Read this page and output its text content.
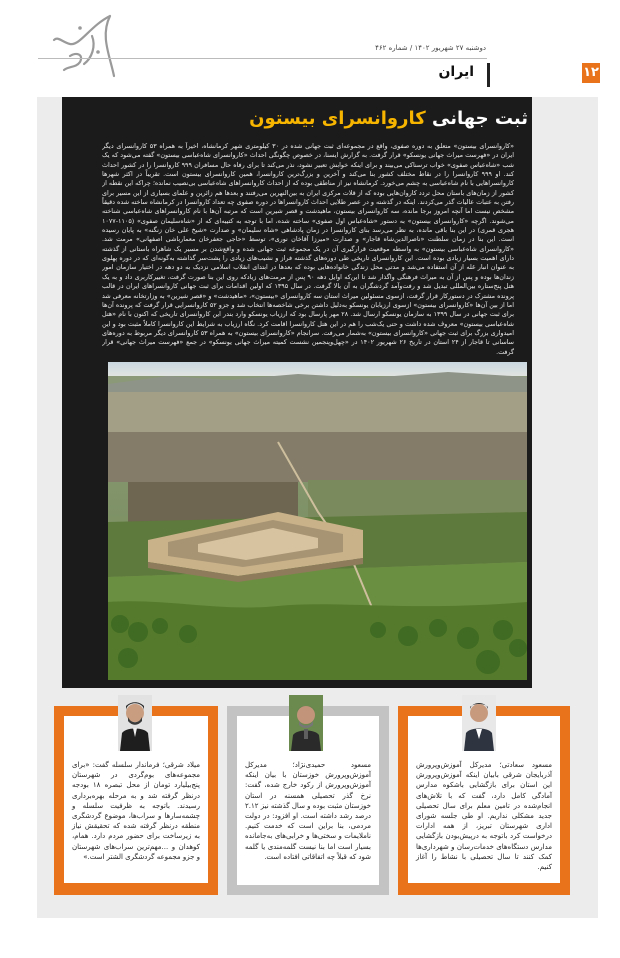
دوشنبه ۲۷ شهریور ۱۴۰۲ / شماره ۴۶۲
۱۲
ایران
ثبت جهانی کاروانسرای بیستون
«کاروانسرای بیستون» متعلق به دوره صفوی، واقع در مجموعه‌ای ثبت جهانی شده در ۳۰ کیلومتری شهر کرمانشاه، اخیراً به همراه ۵۳ کاروانسرای دیگر ایران در «فهرست میراث جهانی یونسکو» قرار گرفت. به گزارش ایسنا، در خصوص چگونگی احداث «کاروانسرای شاه‌عباسی بیستون» گفته می‌شود که یک شب «شاه‌عباس صفوی» خواب ترسناکی می‌بیند و برای اینکه خوابش تعبیر نشود، نذر می‌کند تا برای رفاه حال مسافران ۹۹۹ کاروانسرا را در کشور احداث کند. او ۹۹۹ کاروانسرا را در نقاط مختلف کشور بنا می‌کند و آخرین و بزرگ‌ترین کاروانسرا، همین کاروانسرای بیستون است. تقریباً در اکثر شهرها کاروانسراهایی با نام شاه‌عباسی به چشم می‌خورد. کرمانشاه نیز از مناطقی بوده که از احداث کاروانسراهای شاه‌عباسی بی‌نصیب نمانده؛ چراکه این نقطه از کشور از زمان‌های باستان محل تردد کاروان‌هایی بوده که از قلات مرکزی ایران به بین‌النهرین می‌رفتند و بعدها هم زائرین و علمای بسیاری از این مسیر برای رفتن به عتبات عالیات گذر می‌کردند. اینکه در گذشته و در عصر طلایی احداث کاروانسراها در دوره صفوی چه تعداد کاروانسرا در کرمانشاه ساخته شده دقیقاً مشخص نیست اما آنچه امروز برجا مانده، سه کاروانسرای بیستون، ماهیدشت و قصر شیرین است که مرتبه آن‌ها با نام کاروانسراهای شاه‌عباسی شناخته می‌شوند. اگرچه «کاروانسرای بیستون» به دستور «شاه‌عباس اول صفوی» ساخته شده، اما با توجه به کتیبه‌ای که از «شاه‌سلیمان صفوی» (۱۱۰۵-۱۰۷۷ هجری قمری) در این بنا باقی مانده، به نظر می‌رسد بنای کاروانسرا در زمان پادشاهی «شاه سلیمان» و صدارت «شیخ علی خان زنگنه» به پایان رسیده است. این بنا در زمان سلطنت «ناصرالدین‌شاه قاجار» و صدارت «میرزا آقاخان نوری»، توسط «حاجی جعفرخان معمارباشی اصفهانی» مرمت شد. «کاروانسرای شاه‌عباسی بیستون» به واسطه موقعیت قرارگیری آن در یک مجموعه ثبت جهانی شده و واقع‌شدن بر مسیر یک شاهراه باستانی از گذشته دارای اهمیت بسیار زیادی بوده است. این کاروانسرای تاریخی طی دوره‌های گذشته فراز و نشیب‌های زیادی را پشت‌سر گذاشته به‌گونه‌ای که در دوره پهلوی به عنوان انبار غله از آن استفاده می‌شد و مدتی محل زندگی خانواده‌هایی بوده که بعدها در ابتدای انقلاب اسلامی نزدیک به دو دهه در اختیار سازمان امور زندان‌ها بوده و پس از آن به میراث فرهنگی واگذار شد تا این‌که اوایل دهه ۹۰ پس از مرمت‌های زیادکه روی این بنا صورت گرفت، تغییرکاربری داد و به یک هتل پنج‌ستاره بین‌المللی تبدیل شد و رفت‌وآمد گردشگران به آن بالا گرفت. در سال ۱۳۹۵ که اولین اقدامات برای ثبت جهانی کاروانسراهای ایران در قالب پرونده مشترک در دستورکار قرار گرفت، ازسوی مسئولین میراث استان سه کاروانسرای «بیستون»، «ماهیدشت» و «قصر شیرین» به وزارتخانه معرفی شد اما از بین آن‌ها «کاروانسرای بیستون» ازسوی ارزیابان یونسکو به‌دلیل داشتن برخی شاخصه‌ها انتخاب شد و جزو ۵۲ کاروانسرایی قرار گرفت که پرونده آن‌ها برای ثبت جهانی در سال ۱۳۹۹ به سازمان یونسکو ارسال شد. ۲۸ مهر پارسال بود که ارزیاب یونسکو وارد بندر این کاروانسرای تاریخی که اکنون با نام «هتل شاه‌عباسی بیستون» معروف شده داشت و حتی یک‌شب را هم در این هتل کاروانسرا اقامت کرد. نگاه ارزیاب به شرایط این کاروانسرا کاملاً مثبت بود و این امیدواری بزرگ برای ثبت جهانی «کاروانسرای بیستون» به‌شمار می‌رفت. سرانجام «کاروانسرای بیستون» به همراه ۵۳ کاروانسرای دیگر مربوط به دوره‌های ساسانی تا قاجار از ۲۴ استان در تاریخ ۲۶ شهریور ۱۴۰۲ در «چهل‌وپنجمین نشست کمیته میراث جهانی یونسکو» در جمع «فهرست میراث جهانی» قرار گرفت.
مسعود سعادتی؛ مدیرکل آموزش‌وپرورش آذربایجان شرقی بابیان اینکه آموزش‌وپرورش این استان برای بازگشایی باشکوه مدارس آمادگی کامل دارد، گفت که با تلاش‌های انجام‌شده در تامین معلم برای سال تحصیلی جدید مشکلی نداریم. او طی جلسه شورای اداری شهرستان تبریز، از همه ادارات درخواست کرد باتوجه به درپیش‌بودن بازگشایی مدارس دستگاه‌های خدمات‌رسان و شهرداری‌ها کمک کنند تا سال تحصیلی با نشاط را آغاز کنیم.
مسعود حمیدی‌نژاد؛ مدیرکل آموزش‌وپرورش خوزستان با بیان اینکه آموزش‌وپرورش از رکود خارج شده، گفت: نرخ گذر تحصیلی همسنه در استان خوزستان مثبت بوده و سال گذشته نیز ۲.۱۲ درصد رشد داشته است. او افزود: در دولت مردمی، بنا براین است که خدمت کنیم. ناملایمات و سختی‌ها و خرابی‌های به‌جامانده بسیار است اما بنا نیست گلمه‌مندی یا گلمه شود که قبلاً چه اتفاقاتی افتاده است.
میلاد شرقی؛ فرماندار سلسله گفت: «برای مجموعه‌های بوم‌گردی در شهرستان پنج‌بیلیارد تومان از محل تبصره ۱۸ بودجه درنظر گرفته شد و به مرحله بهره‌برداری رسیدند. باتوجه به ظرفیت سلسله و چشمه‌سارها و سراب‌ها، موضوع گردشگری منطقه درنظر گرفته شده که تحقیقش نیاز به زیرساخت برای حضور مردم دارد. همام، کوهدان و ...مهم‌ترین سراب‌های شهرستان و جزو مجموعه گردشگری الشتر است.»
